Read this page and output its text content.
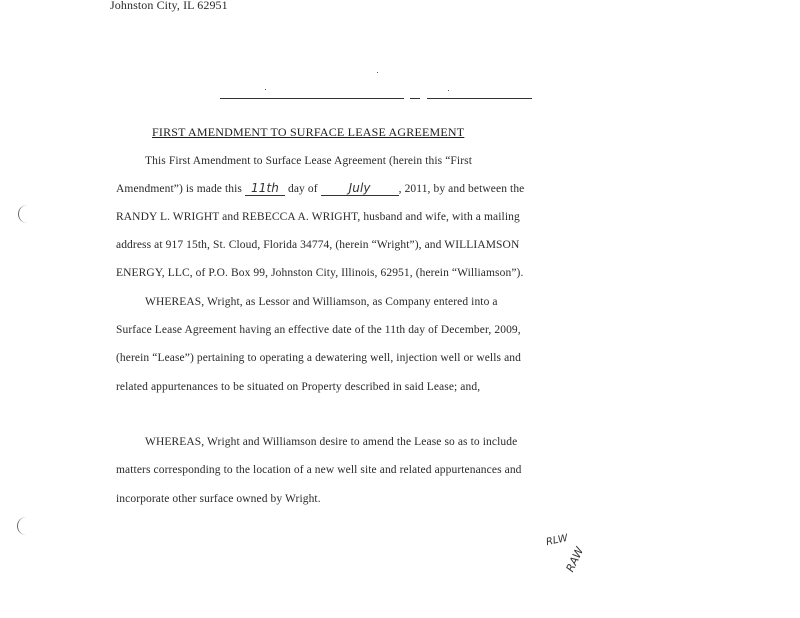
Johnston City, IL 62951
FIRST AMENDMENT TO SURFACE LEASE AGREEMENT
This First Amendment to Surface Lease Agreement (herein this “First
Amendment”) is made this 11th day of	July , 2011, by and between the
RANDY L. WRIGHT and REBECCA A. WRIGHT, husband and wife, with a mailing
address at 917 15th, St. Cloud, Florida 34774, (herein “Wright”), and WILLIAMSON
ENERGY, LLC, of P.O. Box 99, Johnston City, Illinois, 62951, (herein “Williamson”).
WHEREAS, Wright, as Lessor and Williamson, as Company entered into a
Surface Lease Agreement having an effective date of the 11th day of December, 2009,
(herein “Lease”) pertaining to operating a dewatering well, injection well or wells and
related appurtenances to be situated on Property described in said Lease; and,
WHEREAS, Wright and Williamson desire to amend the Lease so as to include
matters corresponding to the location of a new well site and related appurtenances and
incorporate other surface owned by Wright.
RLW
RAW
